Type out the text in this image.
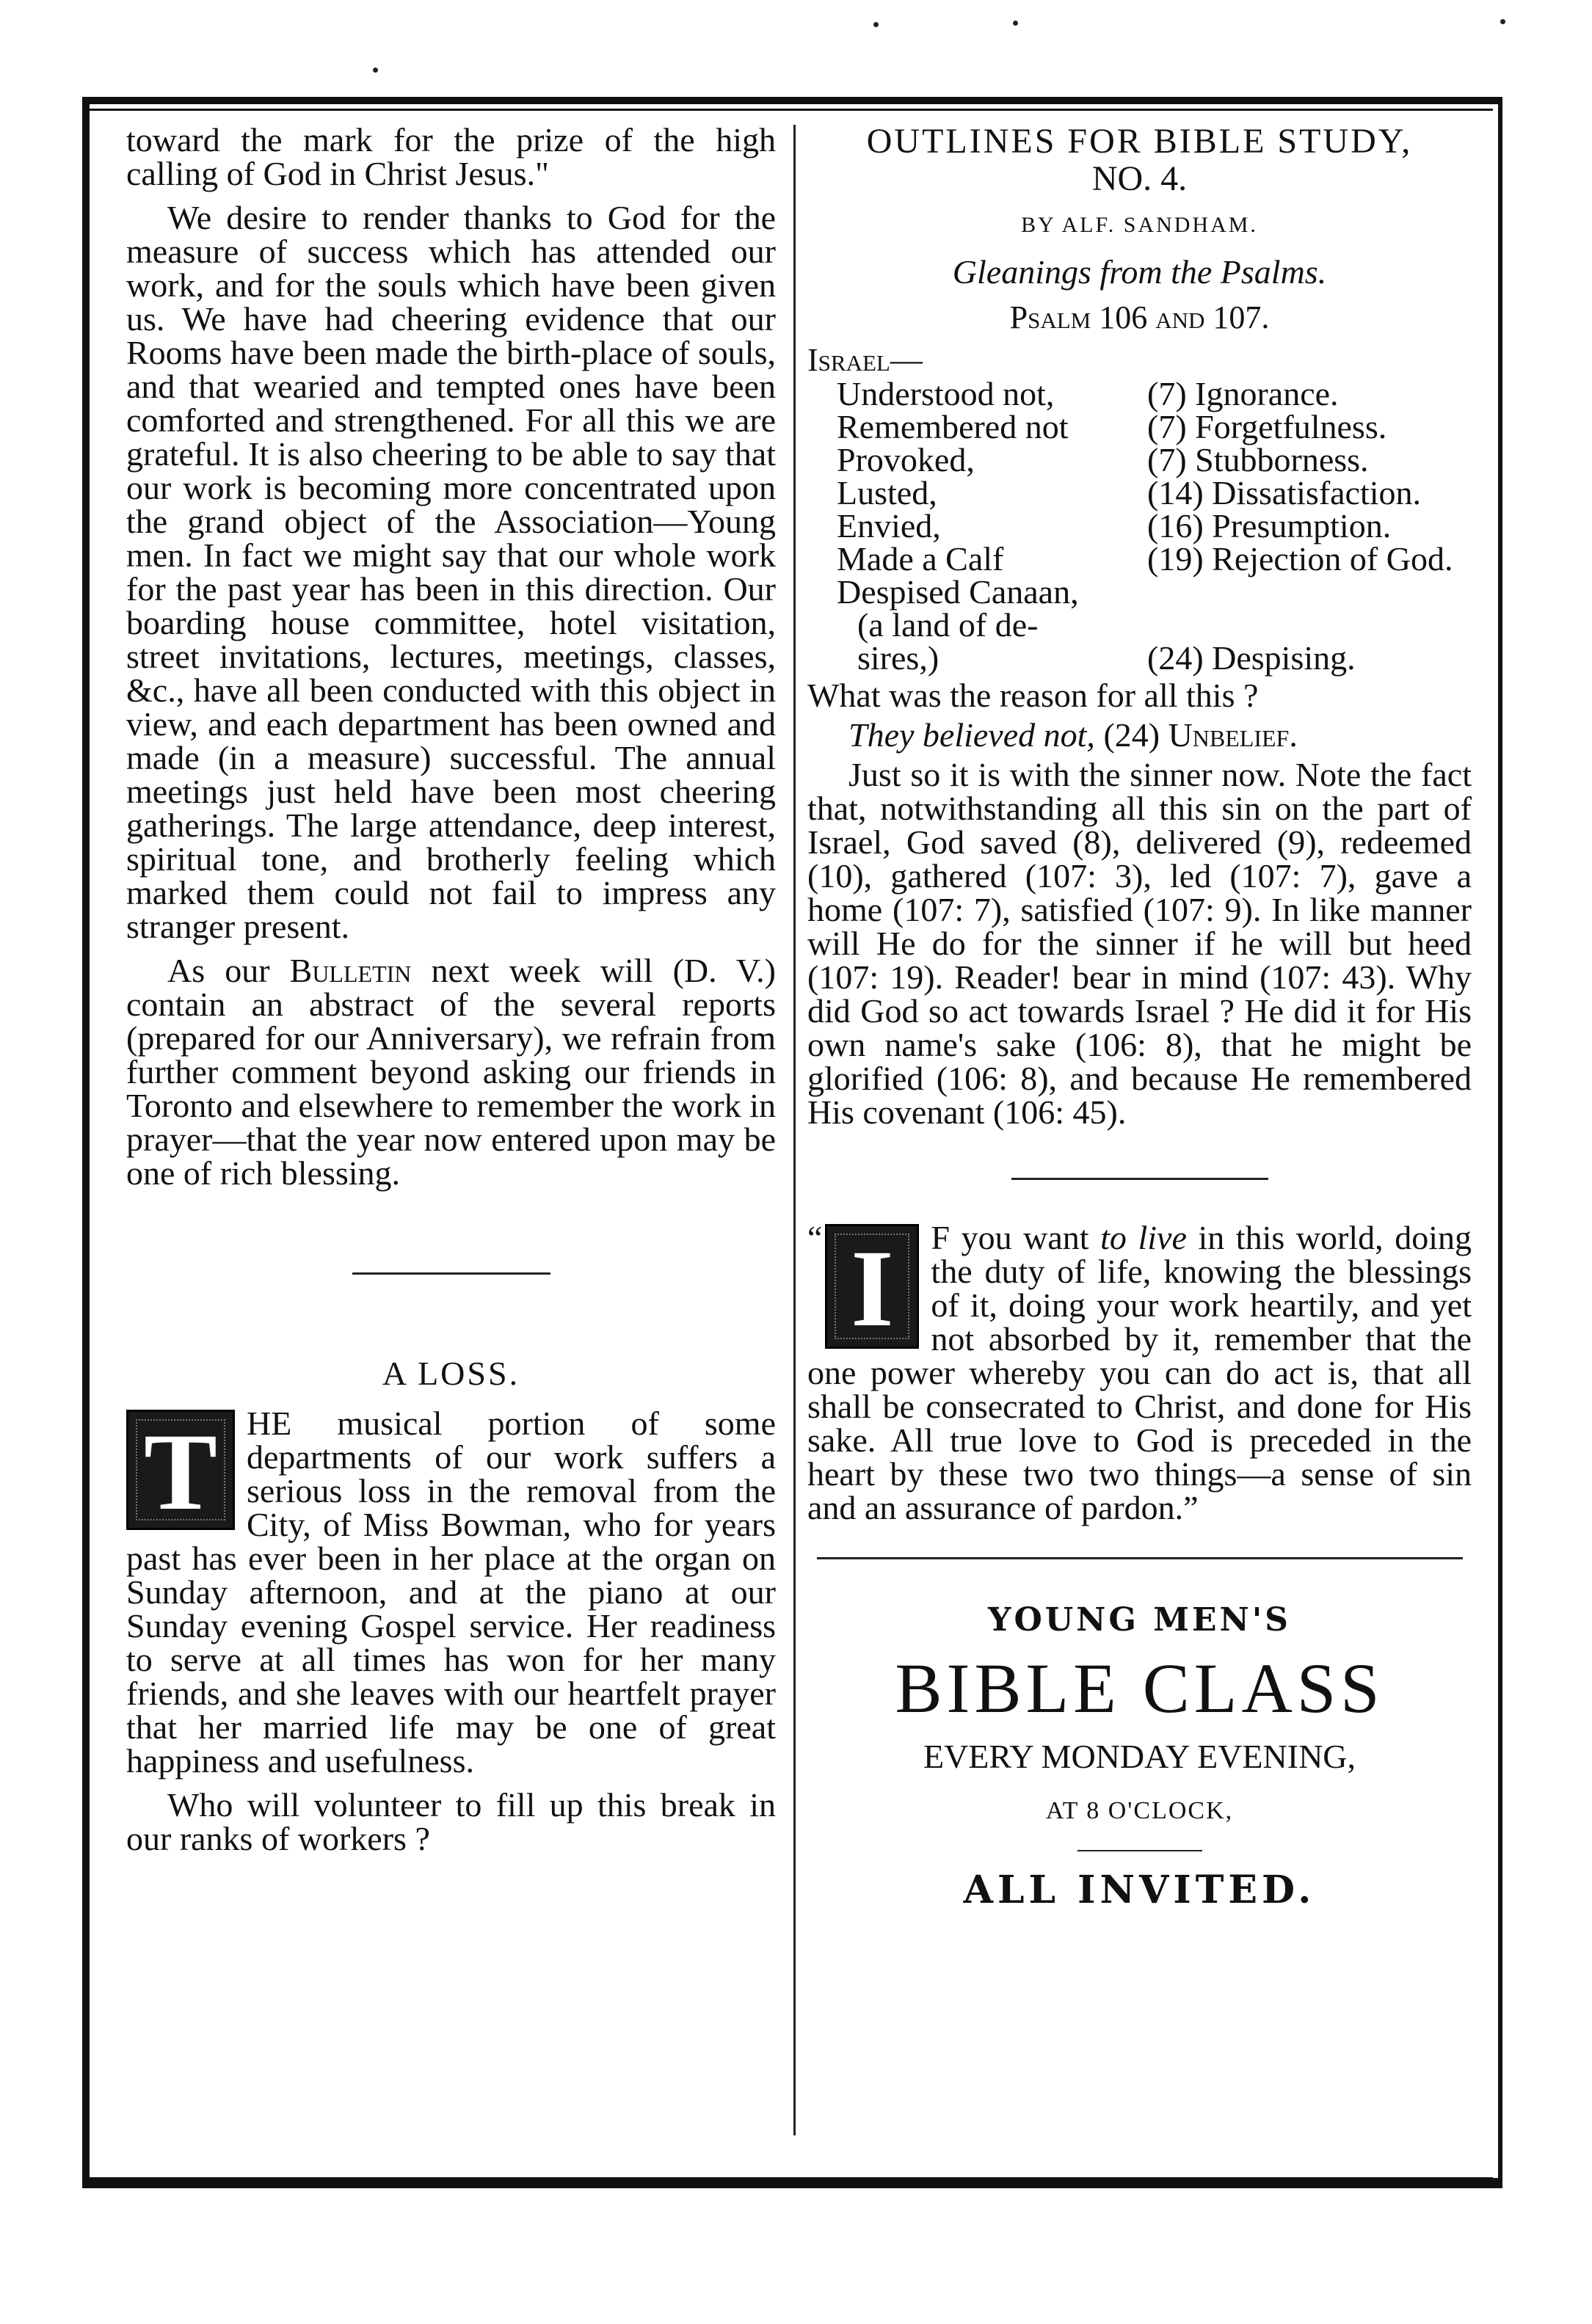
toward the mark for the prize of the high calling of God in Christ Jesus."

We desire to render thanks to God for the measure of success which has attended our work, and for the souls which have been given us. We have had cheering evidence that our Rooms have been made the birth-place of souls, and that wearied and tempted ones have been comforted and strengthened. For all this we are grateful. It is also cheering to be able to say that our work is becoming more concentrated upon the grand object of the Association—Young men. In fact we might say that our whole work for the past year has been in this direction. Our boarding house committee, hotel visitation, street invitations, lectures, meetings, classes, &c., have all been conducted with this object in view, and each department has been owned and made (in a measure) successful. The annual meetings just held have been most cheering gatherings. The large attendance, deep interest, spiritual tone, and brotherly feeling which marked them could not fail to impress any stranger present.

As our Bulletin next week will (D. V.) contain an abstract of the several reports (prepared for our Anniversary), we refrain from further comment beyond asking our friends in Toronto and elsewhere to remember the work in prayer—that the year now entered upon may be one of rich blessing.

A LOSS.
T HE musical portion of some departments of our work suffers a serious loss in the removal from the City, of Miss Bowman, who for years past has ever been in her place at the organ on Sunday afternoon, and at the piano at our Sunday evening Gospel service. Her readiness to serve at all times has won for her many friends, and she leaves with our heartfelt prayer that her married life may be one of great happiness and usefulness.

Who will volunteer to fill up this break in our ranks of workers ?

OUTLINES FOR BIBLE STUDY,
NO. 4.
BY ALF. SANDHAM.
Gleanings from the Psalms.
Psalm 106 and 107.
Israel—
Understood not,	(7) Ignorance.
Remembered not	(7) Forgetfulness.
Provoked,	(7) Stubborness.
Lusted,	(14) Dissatisfaction.
Envied,	(16) Presumption.
Made a Calf	(19) Rejection of God.
Despised Canaan,	
(a land of de-	
sires,)	(24) Despising.

What was the reason for all this ?

They believed not, (24) Unbelief.

Just so it is with the sinner now. Note the fact that, notwithstanding all this sin on the part of Israel, God saved (8), delivered (9), redeemed (10), gathered (107: 3), led (107: 7), gave a home (107: 7), satisfied (107: 9). In like manner will He do for the sinner if he will but heed (107: 19). Reader! bear in mind (107: 43). Why did God so act towards Israel ? He did it for His own name's sake (106: 8), that he might be glorified (106: 8), and because He remembered His covenant (106: 45).

“ I	F you want to live in this world, doing the duty of life, knowing the blessings of it, doing your work heartily, and yet not absorbed by it, remember that the one power whereby you can do act is, that all shall be consecrated to Christ, and done for His sake. All true love to God is preceded in the heart by these two two things—a sense of sin and an assurance of pardon.”

YOUNG MEN'S
BIBLE CLASS
EVERY MONDAY EVENING,
AT 8 O'CLOCK,
ALL INVITED.
